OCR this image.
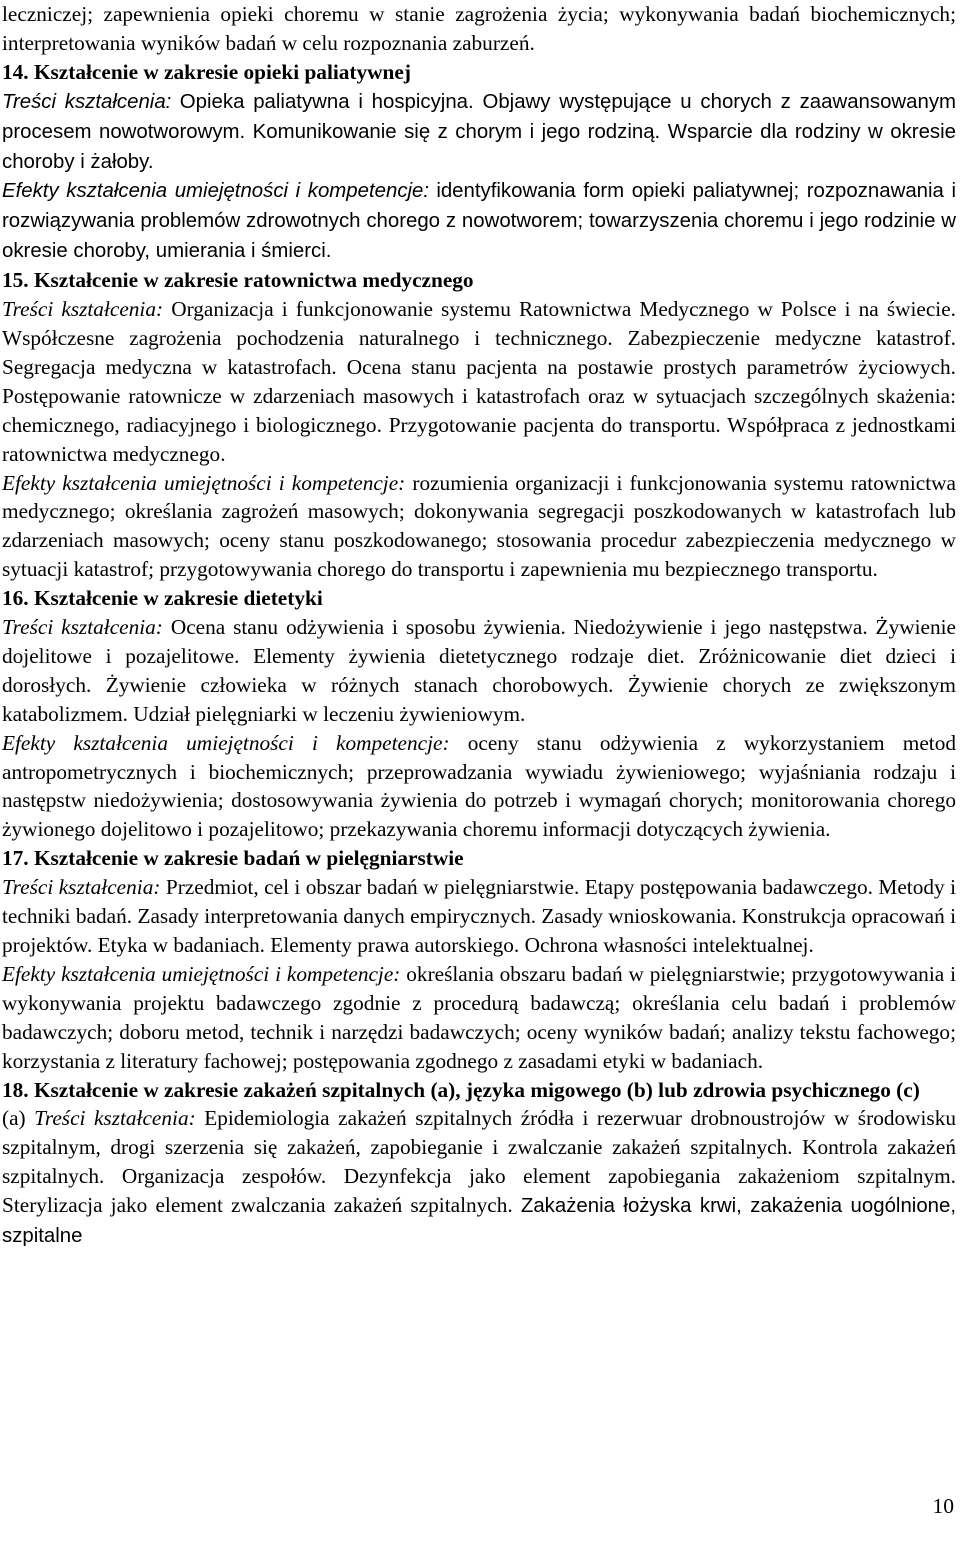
leczniczej; zapewnienia opieki choremu w stanie zagrożenia życia; wykonywania badań biochemicznych; interpretowania wyników badań w celu rozpoznania zaburzeń.

14. Kształcenie w zakresie opieki paliatywnej

Treści kształcenia: Opieka paliatywna i hospicyjna. Objawy występujące u chorych z zaawansowanym procesem nowotworowym. Komunikowanie się z chorym i jego rodziną. Wsparcie dla rodziny w okresie choroby i żałoby.

Efekty kształcenia umiejętności i kompetencje: identyfikowania form opieki paliatywnej; rozpoznawania i rozwiązywania problemów zdrowotnych chorego z nowotworem; towarzyszenia choremu i jego rodzinie w okresie choroby, umierania i śmierci.

15. Kształcenie w zakresie ratownictwa medycznego

Treści kształcenia: Organizacja i funkcjonowanie systemu Ratownictwa Medycznego w Polsce i na świecie. Współczesne zagrożenia pochodzenia naturalnego i technicznego. Zabezpieczenie medyczne katastrof. Segregacja medyczna w katastrofach. Ocena stanu pacjenta na postawie prostych parametrów życiowych. Postępowanie ratownicze w zdarzeniach masowych i katastrofach oraz w sytuacjach szczególnych skażenia: chemicznego, radiacyjnego i biologicznego. Przygotowanie pacjenta do transportu. Współpraca z jednostkami ratownictwa medycznego.

Efekty kształcenia umiejętności i kompetencje: rozumienia organizacji i funkcjonowania systemu ratownictwa medycznego; określania zagrożeń masowych; dokonywania segregacji poszkodowanych w katastrofach lub zdarzeniach masowych; oceny stanu poszkodowanego; stosowania procedur zabezpieczenia medycznego w sytuacji katastrof; przygotowywania chorego do transportu i zapewnienia mu bezpiecznego transportu.

16. Kształcenie w zakresie dietetyki

Treści kształcenia: Ocena stanu odżywienia i sposobu żywienia. Niedożywienie i jego następstwa. Żywienie dojelitowe i pozajelitowe. Elementy żywienia dietetycznego rodzaje diet. Zróżnicowanie diet dzieci i dorosłych. Żywienie człowieka w różnych stanach chorobowych. Żywienie chorych ze zwiększonym katabolizmem. Udział pielęgniarki w leczeniu żywieniowym.

Efekty kształcenia umiejętności i kompetencje: oceny stanu odżywienia z wykorzystaniem metod antropometrycznych i biochemicznych; przeprowadzania wywiadu żywieniowego; wyjaśniania rodzaju i następstw niedożywienia; dostosowywania żywienia do potrzeb i wymagań chorych; monitorowania chorego żywionego dojelitowo i pozajelitowo; przekazywania choremu informacji dotyczących żywienia.

17. Kształcenie w zakresie badań w pielęgniarstwie

Treści kształcenia: Przedmiot, cel i obszar badań w pielęgniarstwie. Etapy postępowania badawczego. Metody i techniki badań. Zasady interpretowania danych empirycznych. Zasady wnioskowania. Konstrukcja opracowań i projektów. Etyka w badaniach. Elementy prawa autorskiego. Ochrona własności intelektualnej.

Efekty kształcenia umiejętności i kompetencje: określania obszaru badań w pielęgniarstwie; przygotowywania i wykonywania projektu badawczego zgodnie z procedurą badawczą; określania celu badań i problemów badawczych; doboru metod, technik i narzędzi badawczych; oceny wyników badań; analizy tekstu fachowego; korzystania z literatury fachowej; postępowania zgodnego z zasadami etyki w badaniach.

18. Kształcenie w zakresie zakażeń szpitalnych (a), języka migowego (b) lub zdrowia psychicznego (c)

(a) Treści kształcenia: Epidemiologia zakażeń szpitalnych źródła i rezerwuar drobnoustrojów w środowisku szpitalnym, drogi szerzenia się zakażeń, zapobieganie i zwalczanie zakażeń szpitalnych. Kontrola zakażeń szpitalnych. Organizacja zespołów. Dezynfekcja jako element zapobiegania zakażeniom szpitalnym. Sterylizacja jako element zwalczania zakażeń szpitalnych. Zakażenia łożyska krwi, zakażenia uogólnione, szpitalne

10
